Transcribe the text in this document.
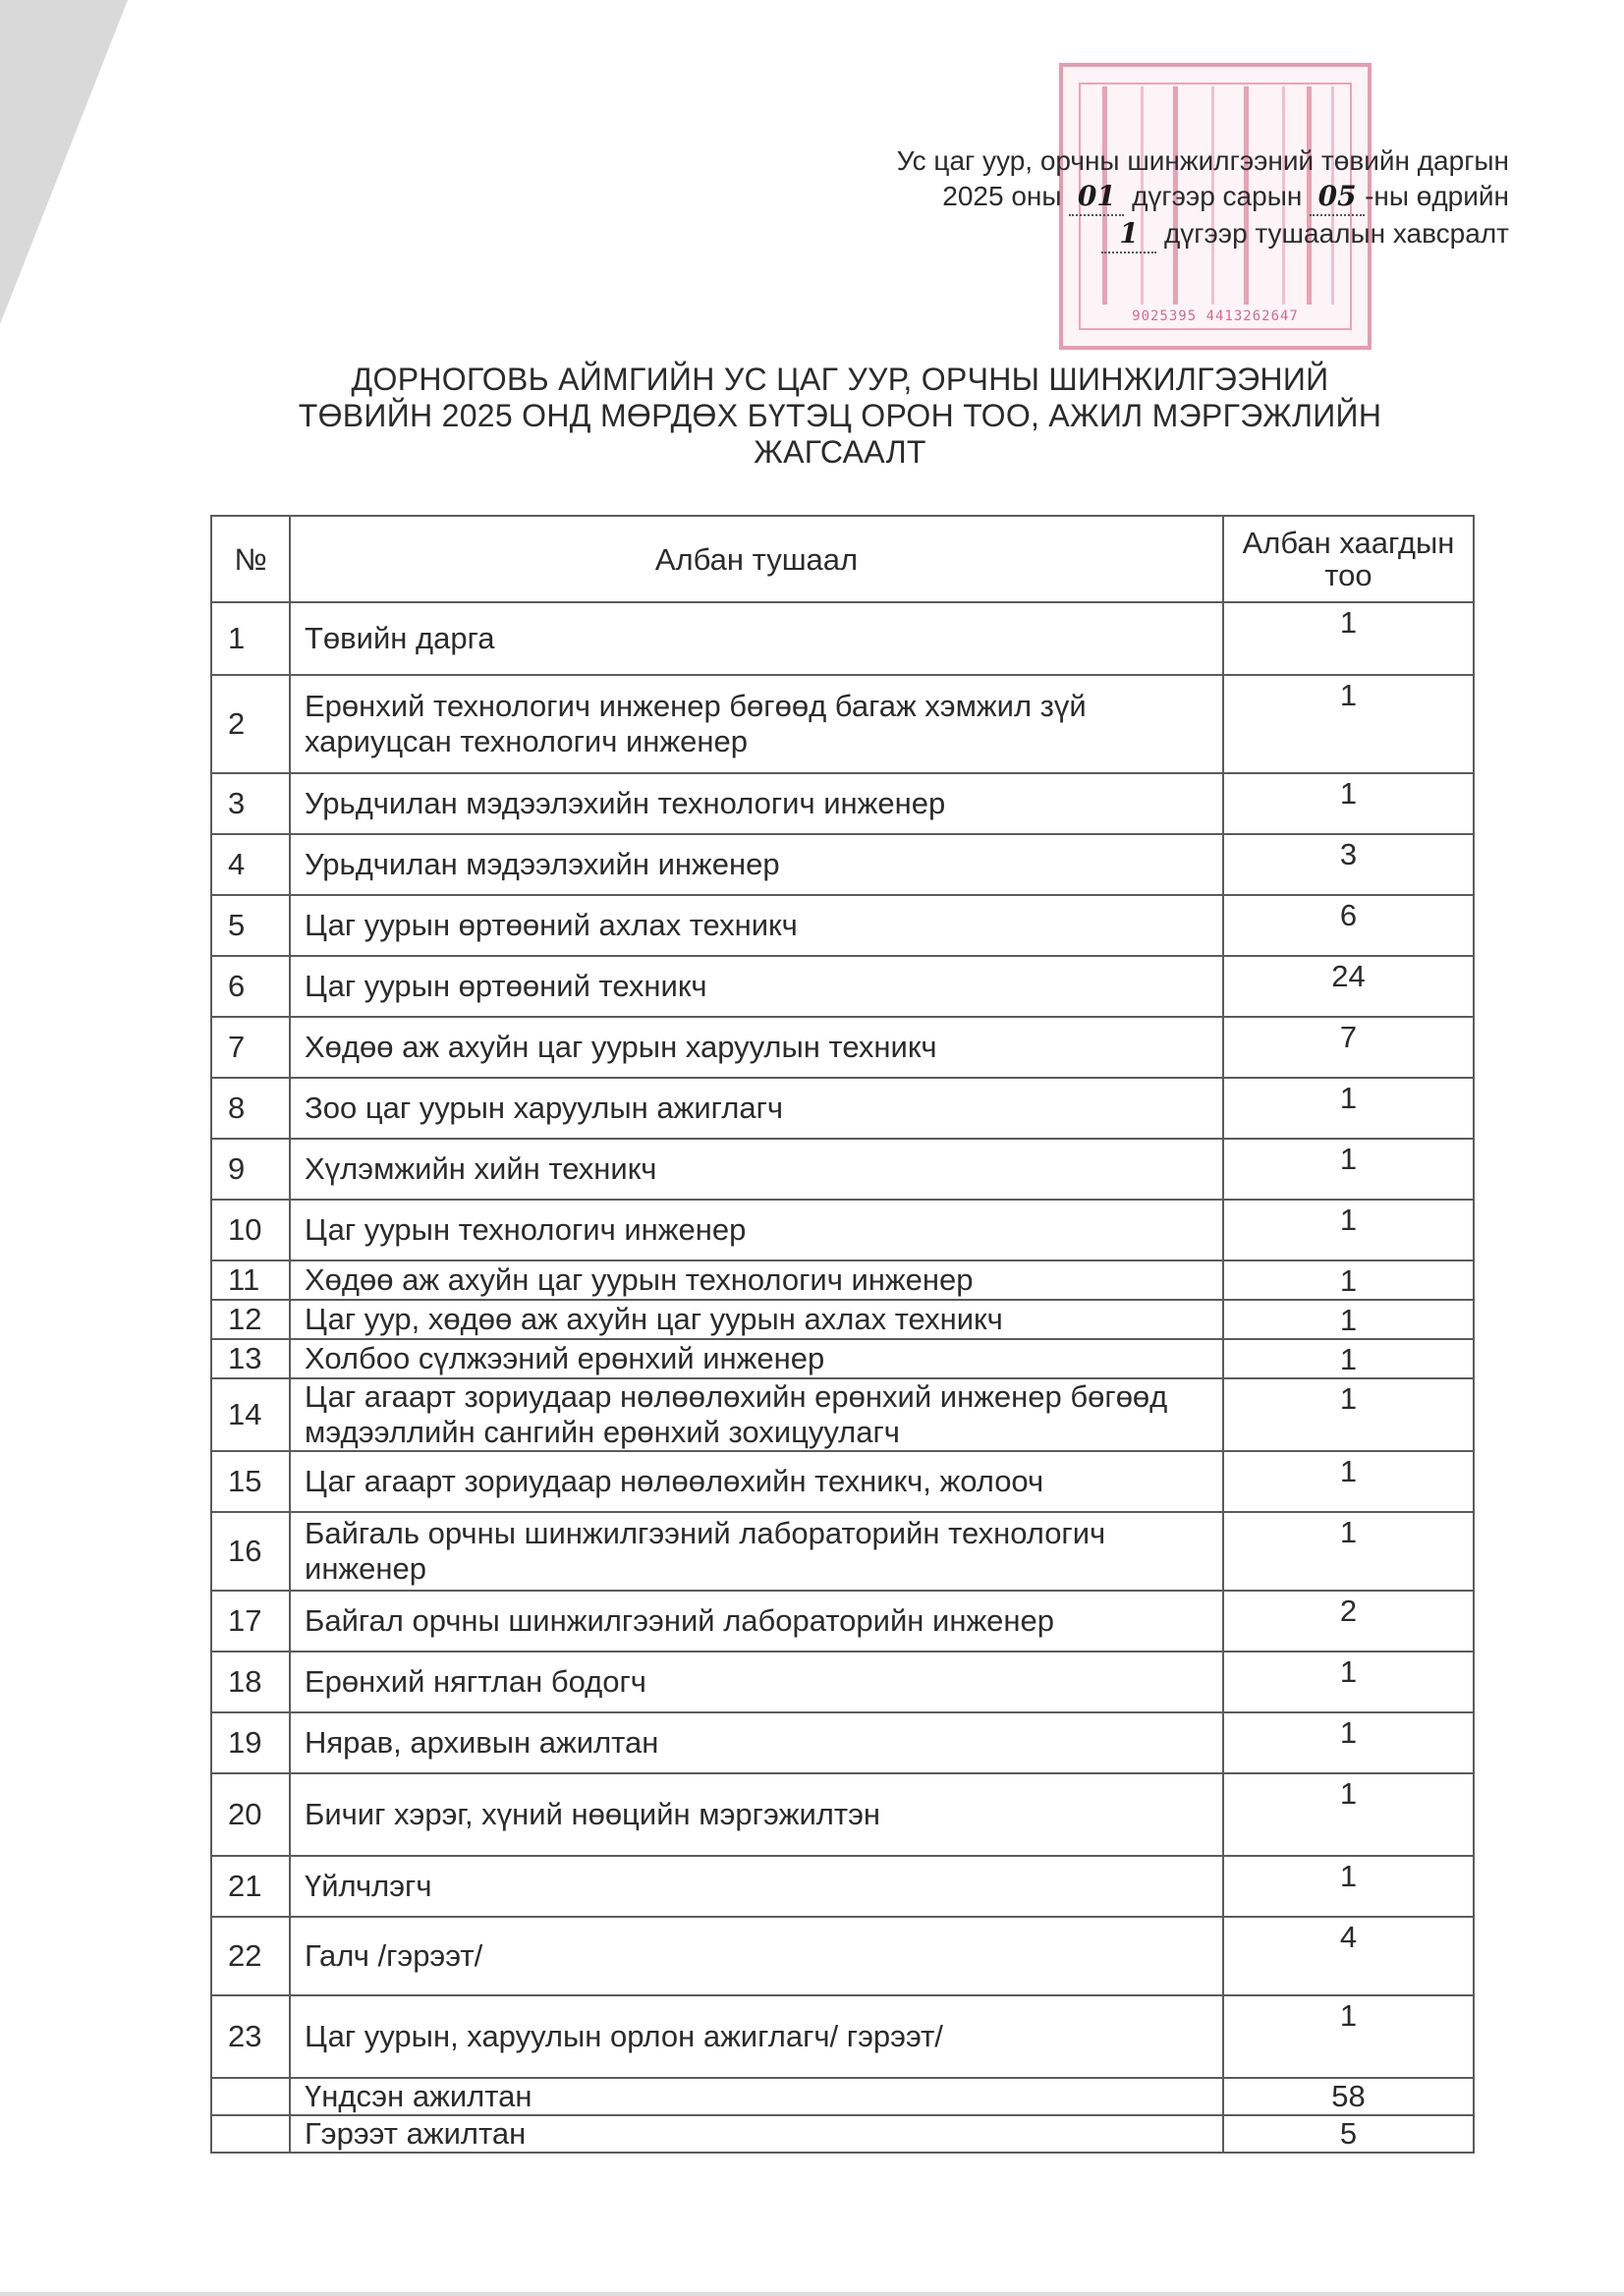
9025395 4413262647
Ус цаг уур, орчны шинжилгээний төвийн даргын
2025 оны 01 дүгээр сарын 05 -ны өдрийн
1 дүгээр тушаалын хавсралт
ДОРНОГОВЬ АЙМГИЙН УС ЦАГ УУР, ОРЧНЫ ШИНЖИЛГЭЭНИЙ
ТӨВИЙН 2025 ОНД МӨРДӨХ БҮТЭЦ ОРОН ТОО, АЖИЛ МЭРГЭЖЛИЙН
ЖАГСААЛТ
№	Албан тушаал	Албан хаагдын тоо
1	Төвийн дарга	1
2	Ерөнхий технологич инженер бөгөөд багаж хэмжил зүй хариуцсан технологич инженер	1
3	Урьдчилан мэдээлэхийн технологич инженер	1
4	Урьдчилан мэдээлэхийн инженер	3
5	Цаг уурын өртөөний ахлах техникч	6
6	Цаг уурын өртөөний техникч	24
7	Хөдөө аж ахуйн цаг уурын харуулын техникч	7
8	Зоо цаг уурын харуулын ажиглагч	1
9	Хүлэмжийн хийн техникч	1
10	Цаг уурын технологич инженер	1
11	Хөдөө аж ахуйн цаг уурын технологич инженер	1
12	Цаг уур, хөдөө аж ахуйн цаг уурын ахлах техникч	1
13	Холбоо сүлжээний ерөнхий инженер	1
14	Цаг агаарт зориудаар нөлөөлөхийн ерөнхий инженер бөгөөд мэдээллийн сангийн ерөнхий зохицуулагч	1
15	Цаг агаарт зориудаар нөлөөлөхийн техникч, жолооч	1
16	Байгаль орчны шинжилгээний лабораторийн технологич инженер	1
17	Байгал орчны шинжилгээний лабораторийн инженер	2
18	Ерөнхий нягтлан бодогч	1
19	Нярав, архивын ажилтан	1
20	Бичиг хэрэг, хүний нөөцийн мэргэжилтэн	1
21	Үйлчлэгч	1
22	Галч /гэрээт/	4
23	Цаг уурын, харуулын орлон ажиглагч/ гэрээт/	1
	Үндсэн ажилтан	58
	Гэрээт ажилтан	5
